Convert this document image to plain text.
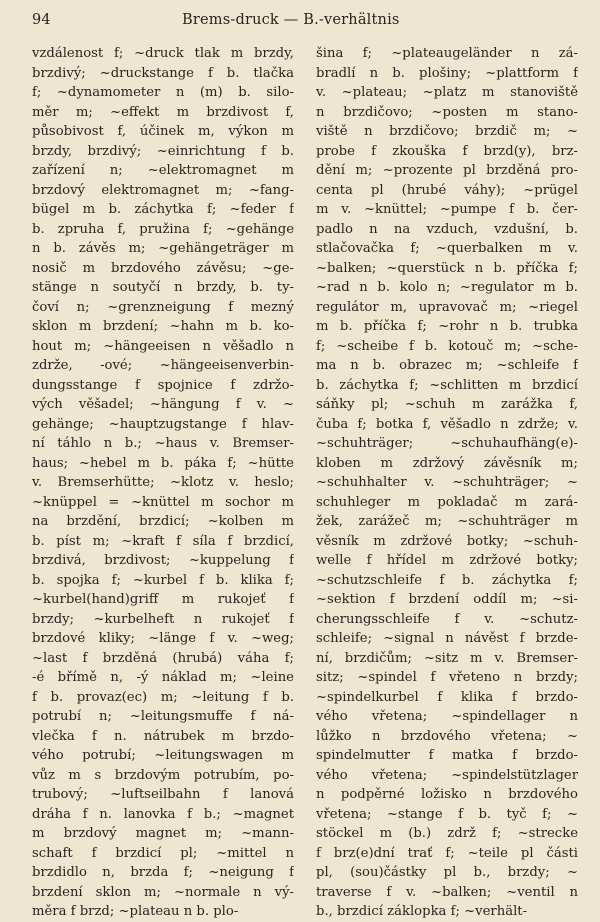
94	Brems-druck — B.-verhältnis
vzdálenost f; ~druck tlak m brzdy,
brzdivý; ~druckstange f b. tlačka
f; ~dynamometer n (m) b. silo-
měr m; ~effekt m brzdivost f,
působivost f, účinek m, výkon m
brzdy, brzdivý; ~einrichtung f b.
zařízení n; ~elektromagnet m
brzdový elektromagnet m; ~fang-
bügel m b. záchytka f; ~feder f
b. zpruha f, pružina f; ~gehänge
n b. závěs m; ~gehängeträger m
nosič m brzdového závěsu; ~ge-
stänge n soutyčí n brzdy, b. ty-
čoví n; ~grenzneigung f mezný
sklon m brzdení; ~hahn m b. ko-
hout m; ~hängeeisen n věšadlo n
zdrže, -ové; ~hängeeisenverbin-
dungsstange f spojnice f zdržo-
vých věšadel; ~hängung f v. ~
gehänge; ~hauptzugstange f hlav-
ní táhlo n b.; ~haus v. Bremser-
haus; ~hebel m b. páka f; ~hütte
v. Bremserhütte; ~klotz v. heslo;
~knüppel = ~knüttel m sochor m
na brzdění, brzdicí; ~kolben m
b. píst m; ~kraft f síla f brzdicí,
brzdivá, brzdivost; ~kuppelung f
b. spojka f; ~kurbel f b. klika f;
~kurbel(hand)griff m rukojeť f
brzdy; ~kurbelheft n rukojeť f
brzdové kliky; ~länge f v. ~weg;
~last f brzděná (hrubá) váha f;
-é břímě n, -ý náklad m; ~leine
f b. provaz(ec) m; ~leitung f b.
potrubí n; ~leitungsmuffe f ná-
vlečka f n. nátrubek m brzdo-
vého potrubí; ~leitungswagen m
vůz m s brzdovým potrubím, po-
trubový; ~luftseilbahn f lanová
dráha f n. lanovka f b.; ~magnet
m brzdový magnet m; ~mann-
schaft f brzdicí pl; ~mittel n
brzdidlo n, brzda f; ~neigung f
brzdení sklon m; ~normale n vý-
měra f brzd; ~plateau n b. plo-
šina f; ~plateaugeländer n zá-
bradlí n b. plošiny; ~plattform f
v. ~plateau; ~platz m stanoviště
n brzdičovo; ~posten m stano-
viště n brzdičovo; brzdič m; ~
probe f zkouška f brzd(y), brz-
dění m; ~prozente pl brzděná pro-
centa pl (hrubé váhy); ~prügel
m v. ~knüttel; ~pumpe f b. čer-
padlo n na vzduch, vzdušní, b.
stlačovačka f; ~querbalken m v.
~balken; ~querstück n b. příčka f;
~rad n b. kolo n; ~regulator m b.
regulátor m, upravovač m; ~riegel
m b. příčka f; ~rohr n b. trubka
f; ~scheibe f b. kotouč m; ~sche-
ma n b. obrazec m; ~schleife f
b. záchytka f; ~schlitten m brzdicí
sáňky pl; ~schuh m zarážka f,
čuba f; botka f, věšadlo n zdrže; v.
~schuhträger; ~schuhaufhäng(e)-
kloben m zdržový závěsník m;
~schuhhalter v. ~schuhträger; ~
schuhleger m pokladač m zará-
žek, zarážeč m; ~schuhträger m
věsník m zdržové botky; ~schuh-
welle f hřídel m zdržové botky;
~schutzschleife f b. záchytka f;
~sektion f brzdení oddíl m; ~si-
cherungsschleife f v. ~schutz-
schleife; ~signal n návěst f brzde-
ní, brzdičům; ~sitz m v. Bremser-
sitz; ~spindel f vřeteno n brzdy;
~spindelkurbel f klika f brzdo-
vého vřetena; ~spindellager n
lůžko n brzdového vřetena; ~
spindelmutter f matka f brzdo-
vého vřetena; ~spindelstützlager
n podpěrné ložisko n brzdového
vřetena; ~stange f b. tyč f; ~
stöckel m (b.) zdrž f; ~strecke
f brz(e)dní trať f; ~teile pl části
pl, (sou)částky pl b., brzdy; ~
traverse f v. ~balken; ~ventil n
b., brzdicí záklopka f; ~verhält-
